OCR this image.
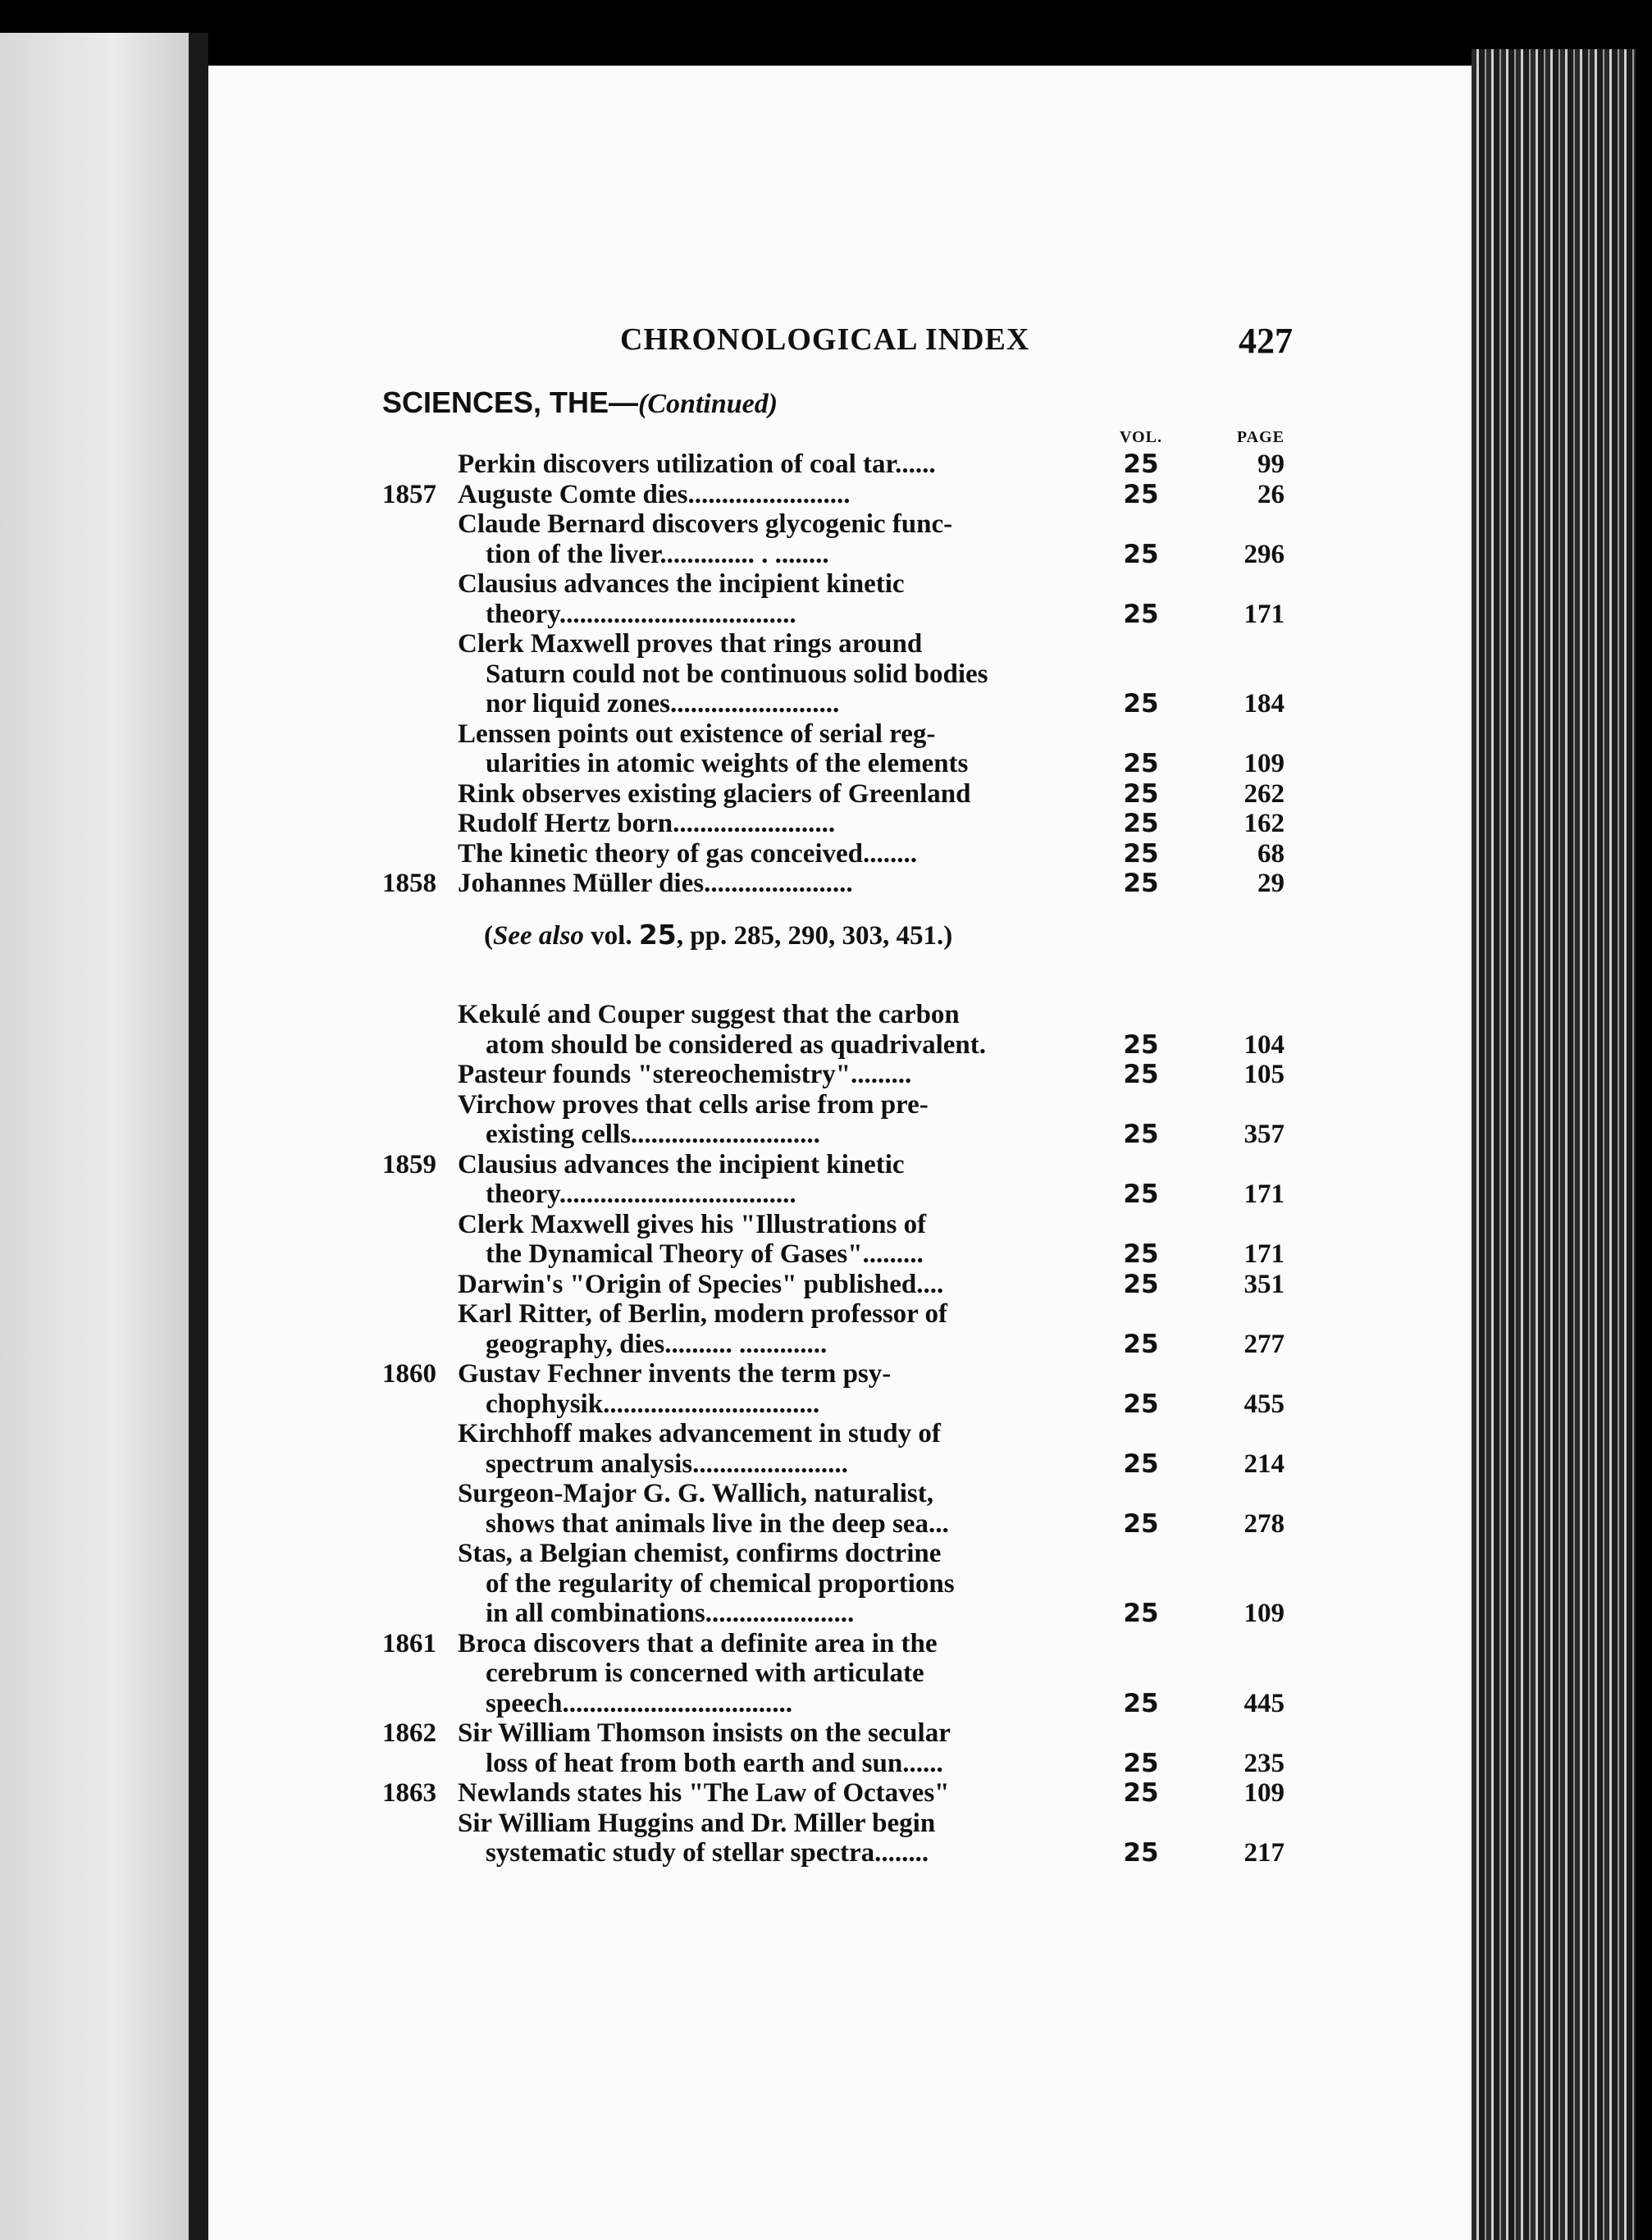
CHRONOLOGICAL INDEX	427
SCIENCES, THE—(Continued)
VOL.	PAGE
Perkin discovers utilization of coal tar......	25	99
1857 Auguste Comte dies........................	25	26
Claude Bernard discovers glycogenic func-
tion of the liver.............. . ........	25	296
Clausius advances the incipient kinetic
theory...................................	25	171
Clerk Maxwell proves that rings around
Saturn could not be continuous solid bodies
nor liquid zones.........................	25	184
Lenssen points out existence of serial reg-
ularities in atomic weights of the elements	25	109
Rink observes existing glaciers of Greenland	25	262
Rudolf Hertz born........................	25	162
The kinetic theory of gas conceived........	25	68
1858 Johannes Müller dies......................	25	29
(See also vol. 25, pp. 285, 290, 303, 451.)
Kekulé and Couper suggest that the carbon
atom should be considered as quadrivalent.	25	104
Pasteur founds "stereochemistry".........	25	105
Virchow proves that cells arise from pre-
existing cells............................	25	357
1859 Clausius advances the incipient kinetic
theory...................................	25	171
Clerk Maxwell gives his "Illustrations of
the Dynamical Theory of Gases".........	25	171
Darwin's "Origin of Species" published....	25	351
Karl Ritter, of Berlin, modern professor of
geography, dies.......... .............	25	277
1860 Gustav Fechner invents the term psy-
chophysik................................	25	455
Kirchhoff makes advancement in study of
spectrum analysis.......................	25	214
Surgeon-Major G. G. Wallich, naturalist,
shows that animals live in the deep sea...	25	278
Stas, a Belgian chemist, confirms doctrine
of the regularity of chemical proportions
in all combinations......................	25	109
1861 Broca discovers that a definite area in the
cerebrum is concerned with articulate
speech..................................	25	445
1862 Sir William Thomson insists on the secular
loss of heat from both earth and sun......	25	235
1863 Newlands states his "The Law of Octaves"	25	109
Sir William Huggins and Dr. Miller begin
systematic study of stellar spectra........	25	217
